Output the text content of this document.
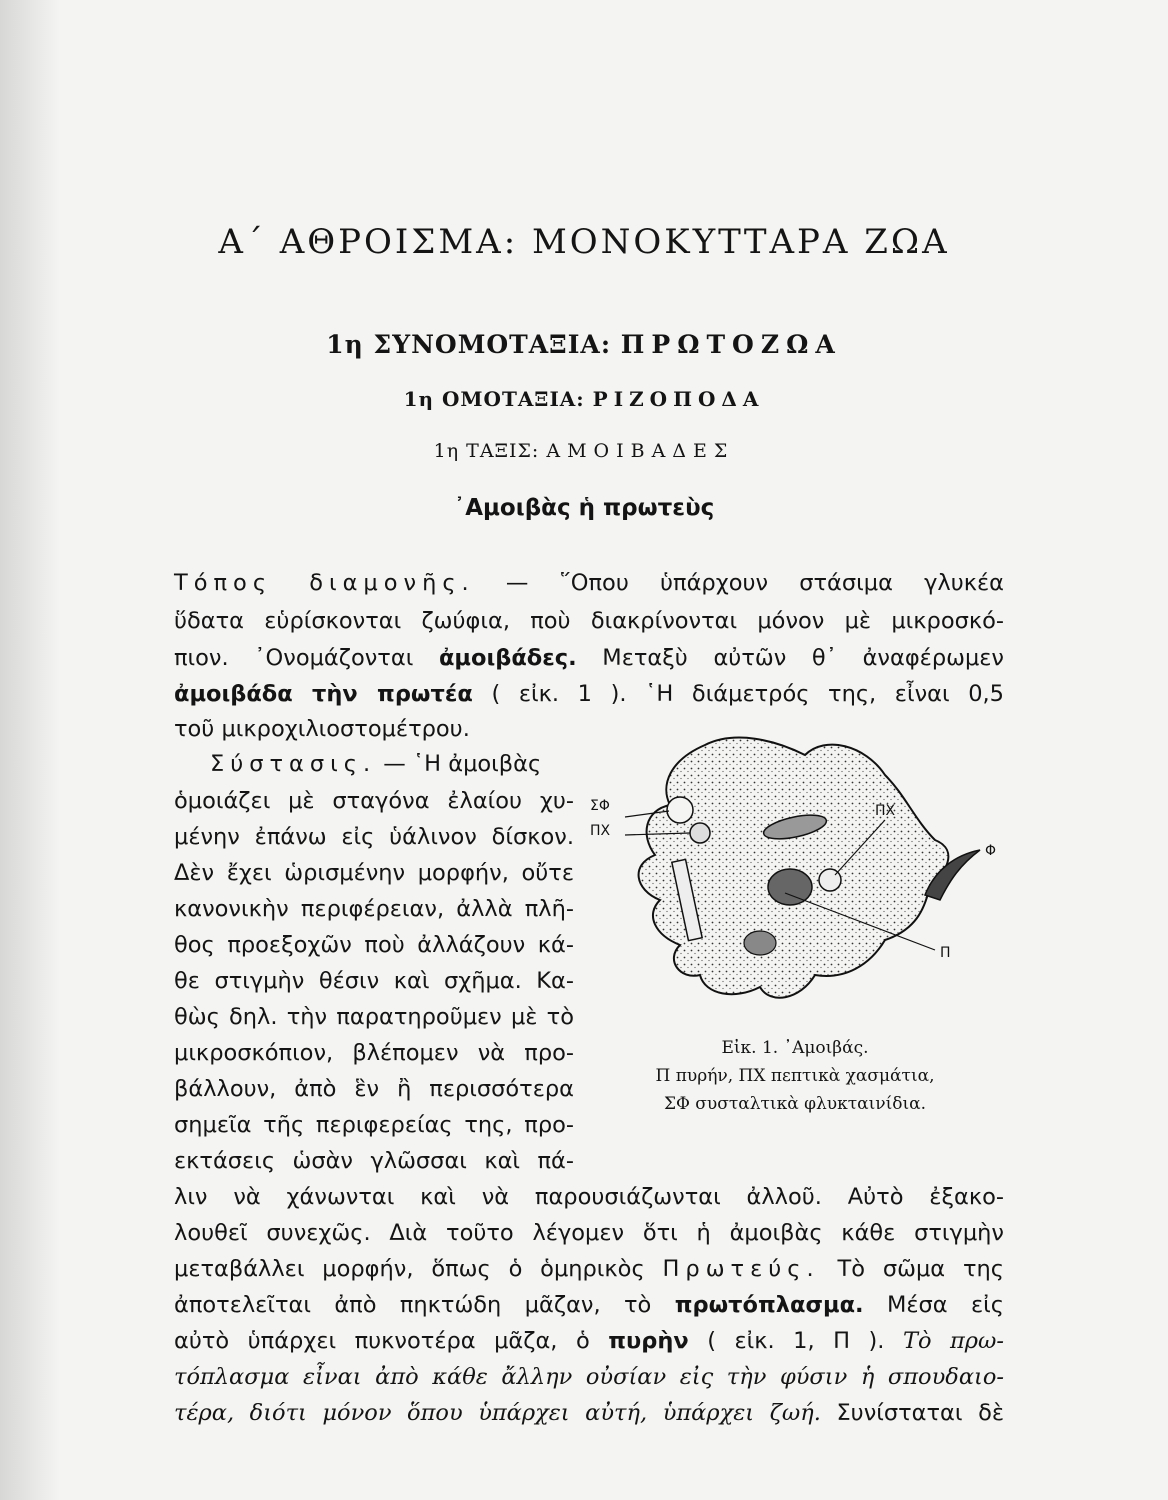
Α΄ ΑΘΡΟΙΣΜΑ: ΜΟΝΟΚΥΤΤΑΡΑ ΖΩΑ
1η ΣΥΝΟΜΟΤΑΞΙΑ: ΠΡΩΤΟΖΩΑ
1η ΟΜΟΤΑΞΙΑ: ΡΙΖΟΠΟΔΑ
1η ΤΑΞΙΣ: ΑΜΟΙΒΑΔΕΣ
᾿Αμοιβὰς ἡ πρωτεὺς
Τόπος διαμονῆς. — ῞Οπου ὑπάρχουν στάσιμα γλυκέα
ὕδατα εὑρίσκονται ζωύφια, ποὺ διακρίνονται μόνον μὲ μικροσκό-
πιον. ᾿Ονομάζονται ἀμοιβάδες. Μεταξὺ αὐτῶν θ᾿ ἀναφέρωμεν
ἀμοιβάδα τὴν πρωτέα ( εἰκ. 1 ). ῾Η διάμετρός της, εἶναι 0,5
τοῦ μικροχιλιοστομέτρου.
Σύστασις. — ῾Η ἀμοιβὰς
ὁμοιάζει μὲ σταγόνα ἐλαίου χυ-
μένην ἐπάνω εἰς ὑάλινον δίσκον.
Δὲν ἔχει ὡρισμένην μορφήν, οὔτε
κανονικὴν περιφέρειαν, ἀλλὰ πλῆ-
θος προεξοχῶν ποὺ ἀλλάζουν κά-
θε στιγμὴν θέσιν καὶ σχῆμα. Κα-
θὼς δηλ. τὴν παρατηροῦμεν μὲ τὸ
μικροσκόπιον, βλέπομεν νὰ προ-
βάλλουν, ἀπὸ ἓν ἢ περισσότερα
σημεῖα τῆς περιφερείας της, προ-
εκτάσεις ὡσὰν γλῶσσαι καὶ πά-
λιν νὰ χάνωνται καὶ νὰ παρουσιάζωνται ἀλλοῦ. Αὐτὸ ἐξακο-
λουθεῖ συνεχῶς. Διὰ τοῦτο λέγομεν ὅτι ἡ ἀμοιβὰς κάθε στιγμὴν
μεταβάλλει μορφήν, ὅπως ὁ ὁμηρικὸς Πρωτεύς. Τὸ σῶμα της
ἀποτελεῖται ἀπὸ πηκτώδη μᾶζαν, τὸ πρωτόπλασμα. Μέσα εἰς
αὐτὸ ὑπάρχει πυκνοτέρα μᾶζα, ὁ πυρὴν ( εἰκ. 1, Π ). Τὸ πρω-
τόπλασμα εἶναι ἀπὸ κάθε ἄλλην οὐσίαν εἰς τὴν φύσιν ἡ σπουδαιο-
τέρα, διότι μόνον ὅπου ὑπάρχει αὐτή, ὑπάρχει ζωή. Συνίσταται δὲ
ΣΦ
ΠΧ
ΠΧ
Φ
Π
Εἰκ. 1. ᾿Αμοιβάς.
Π πυρήν, ΠΧ πεπτικὰ χασμάτια,
ΣΦ συσταλτικὰ φλυκταινίδια.
